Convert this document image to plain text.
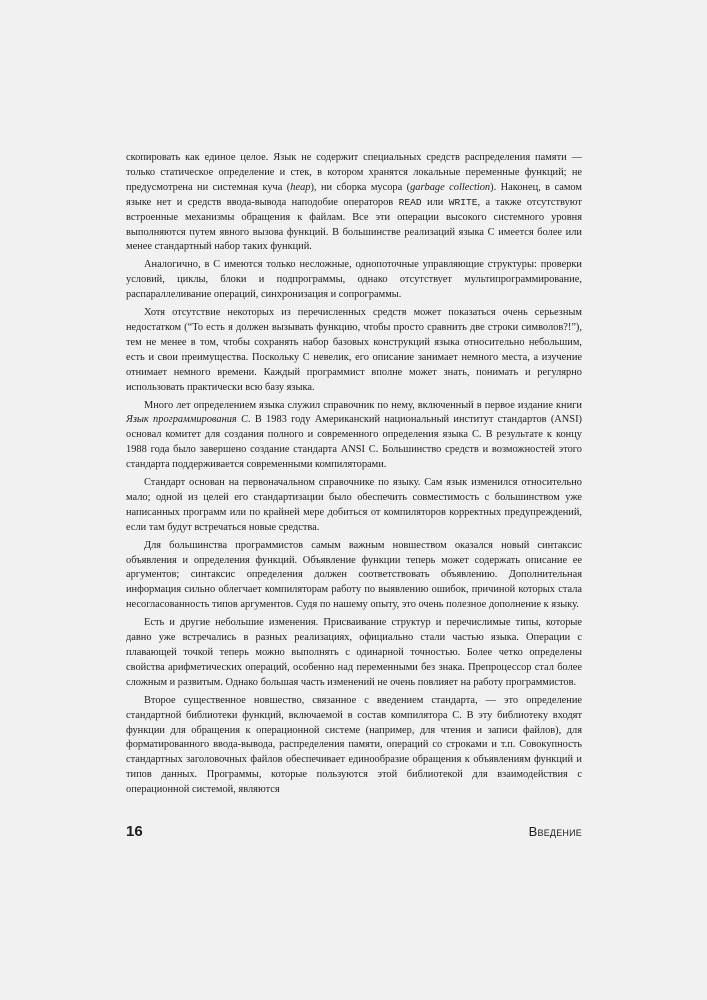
скопировать как единое целое. Язык не содержит специальных средств распределения памяти — только статическое определение и стек, в котором хранятся локальные переменные функций; не предусмотрена ни системная куча (heap), ни сборка мусора (garbage collection). Наконец, в самом языке нет и средств ввода-вывода наподобие операторов READ или WRITE, а также отсутствуют встроенные механизмы обращения к файлам. Все эти операции высокого системного уровня выполняются путем явного вызова функций. В большинстве реализаций языка С имеется более или менее стандартный набор таких функций.

Аналогично, в С имеются только несложные, однопоточные управляющие структуры: проверки условий, циклы, блоки и подпрограммы, однако отсутствует мультипрограммирование, распараллеливание операций, синхронизация и сопрограммы.

Хотя отсутствие некоторых из перечисленных средств может показаться очень серьезным недостатком (“То есть я должен вызывать функцию, чтобы просто сравнить две строки символов?!”), тем не менее в том, чтобы сохранять набор базовых конструкций языка относительно небольшим, есть и свои преимущества. Поскольку С невелик, его описание занимает немного места, а изучение отнимает немного времени. Каждый программист вполне может знать, понимать и регулярно использовать практически всю базу языка.

Много лет определением языка служил справочник по нему, включенный в первое издание книги Язык программирования C. В 1983 году Американский национальный институт стандартов (ANSI) основал комитет для создания полного и современного определения языка С. В результате к концу 1988 года было завершено создание стандарта ANSI С. Большинство средств и возможностей этого стандарта поддерживается современными компиляторами.

Стандарт основан на первоначальном справочнике по языку. Сам язык изменился относительно мало; одной из целей его стандартизации было обеспечить совместимость с большинством уже написанных программ или по крайней мере добиться от компиляторов корректных предупреждений, если там будут встречаться новые средства.

Для большинства программистов самым важным новшеством оказался новый синтаксис объявления и определения функций. Объявление функции теперь может содержать описание ее аргументов; синтаксис определения должен соответствовать объявлению. Дополнительная информация сильно облегчает компиляторам работу по выявлению ошибок, причиной которых стала несогласованность типов аргументов. Судя по нашему опыту, это очень полезное дополнение к языку.

Есть и другие небольшие изменения. Присваивание структур и перечислимые типы, которые давно уже встречались в разных реализациях, официально стали частью языка. Операции с плавающей точкой теперь можно выполнять с одинарной точностью. Более четко определены свойства арифметических операций, особенно над переменными без знака. Препроцессор стал более сложным и развитым. Однако большая часть изменений не очень повлияет на работу программистов.

Второе существенное новшество, связанное с введением стандарта, — это определение стандартной библиотеки функций, включаемой в состав компилятора С. В эту библиотеку входят функции для обращения к операционной системе (например, для чтения и записи файлов), для форматированного ввода-вывода, распределения памяти, операций со строками и т.п. Совокупность стандартных заголовочных файлов обеспечивает единообразие обращения к объявлениям функций и типов данных. Программы, которые пользуются этой библиотекой для взаимодействия с операционной системой, являются

16	Введение
